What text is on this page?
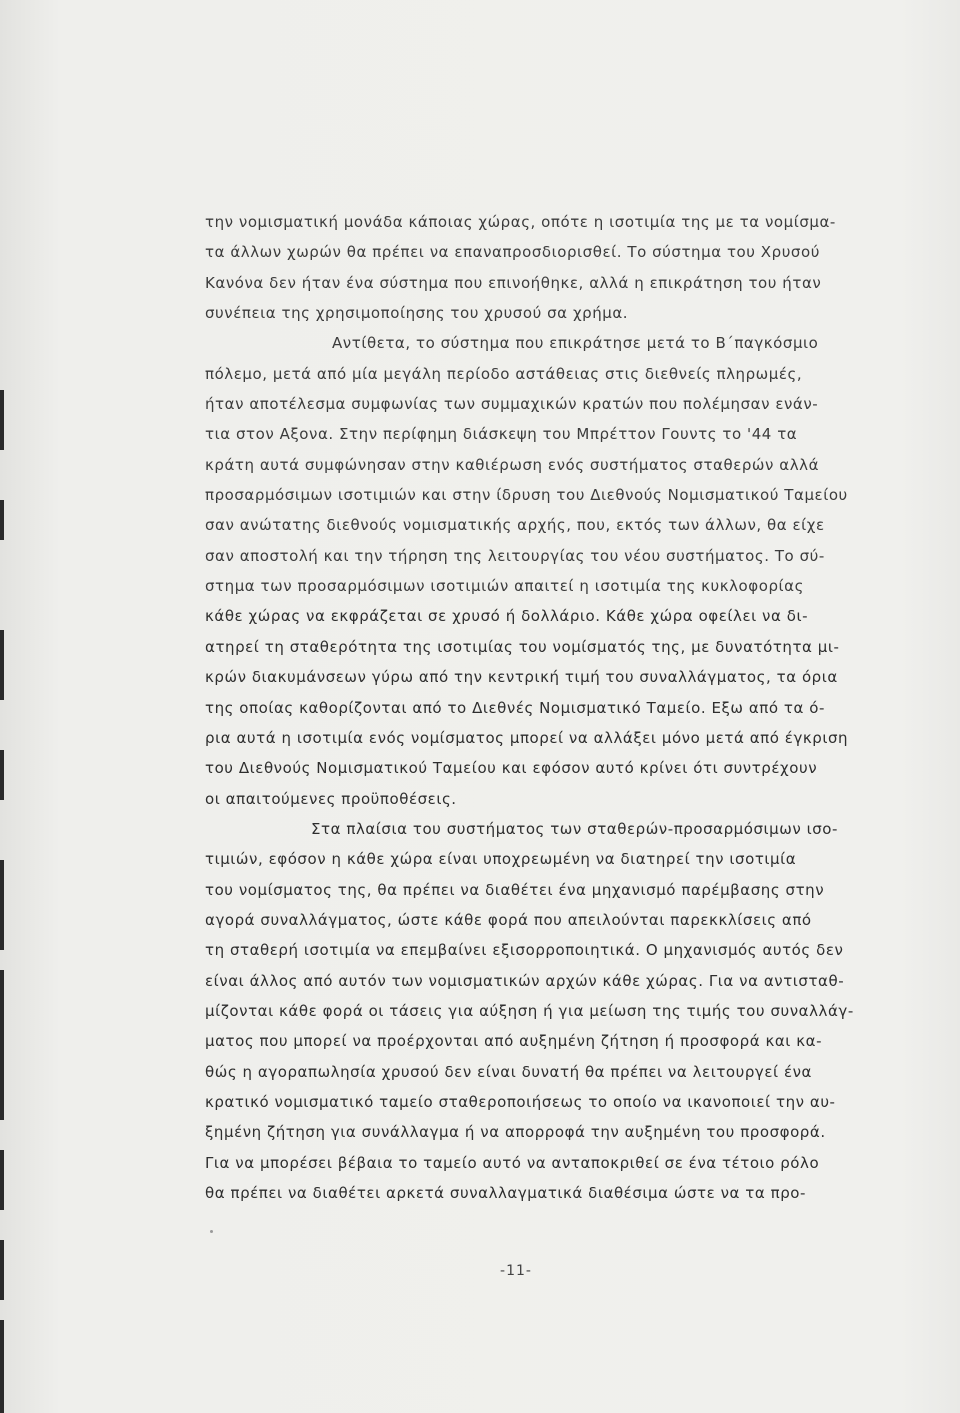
την νομισματική μονάδα κάποιας χώρας, οπότε η ισοτιμία της με τα νομίσμα-
τα άλλων χωρών θα πρέπει να επαναπροσδιορισθεί. Το σύστημα του Χρυσού
Κανόνα δεν ήταν ένα σύστημα που επινοήθηκε, αλλά η επικράτηση του ήταν
συνέπεια της χρησιμοποίησης του χρυσού σα χρήμα.
Αντίθετα, το σύστημα που επικράτησε μετά το Β΄παγκόσμιο
πόλεμο, μετά από μία μεγάλη περίοδο αστάθειας στις διεθνείς πληρωμές,
ήταν αποτέλεσμα συμφωνίας των συμμαχικών κρατών που πολέμησαν ενάν-
τια στον Αξονα. Στην περίφημη διάσκεψη του Μπρέττον Γουντς το '44 τα
κράτη αυτά συμφώνησαν στην καθιέρωση ενός συστήματος σταθερών αλλά
προσαρμόσιμων ισοτιμιών και στην ίδρυση του Διεθνούς Νομισματικού Ταμείου
σαν ανώτατης διεθνούς νομισματικής αρχής, που, εκτός των άλλων, θα είχε
σαν αποστολή και την τήρηση της λειτουργίας του νέου συστήματος. Το σύ-
στημα των προσαρμόσιμων ισοτιμιών απαιτεί η ισοτιμία της κυκλοφορίας
κάθε χώρας να εκφράζεται σε χρυσό ή δολλάριο. Κάθε χώρα οφείλει να δι-
ατηρεί τη σταθερότητα της ισοτιμίας του νομίσματός της, με δυνατότητα μι-
κρών διακυμάνσεων γύρω από την κεντρική τιμή του συναλλάγματος, τα όρια
της οποίας καθορίζονται από το Διεθνές Νομισματικό Ταμείο. Εξω από τα ό-
ρια αυτά η ισοτιμία ενός νομίσματος μπορεί να αλλάξει μόνο μετά από έγκριση
του Διεθνούς Νομισματικού Ταμείου και εφόσον αυτό κρίνει ότι συντρέχουν
οι απαιτούμενες προϋποθέσεις.
Στα πλαίσια του συστήματος των σταθερών-προσαρμόσιμων ισο-
τιμιών, εφόσον η κάθε χώρα είναι υποχρεωμένη να διατηρεί την ισοτιμία
του νομίσματος της, θα πρέπει να διαθέτει ένα μηχανισμό παρέμβασης στην
αγορά συναλλάγματος, ώστε κάθε φορά που απειλούνται παρεκκλίσεις από
τη σταθερή ισοτιμία να επεμβαίνει εξισορροποιητικά. Ο μηχανισμός αυτός δεν
είναι άλλος από αυτόν των νομισματικών αρχών κάθε χώρας. Για να αντισταθ-
μίζονται κάθε φορά οι τάσεις για αύξηση ή για μείωση της τιμής του συναλλάγ-
ματος που μπορεί να προέρχονται από αυξημένη ζήτηση ή προσφορά και κα-
θώς η αγοραπωλησία χρυσού δεν είναι δυνατή θα πρέπει να λειτουργεί ένα
κρατικό νομισματικό ταμείο σταθεροποιήσεως το οποίο να ικανοποιεί την αυ-
ξημένη ζήτηση για συνάλλαγμα ή να απορροφά την αυξημένη του προσφορά.
Για να μπορέσει βέβαια το ταμείο αυτό να ανταποκριθεί σε ένα τέτοιο ρόλο
θα πρέπει να διαθέτει αρκετά συναλλαγματικά διαθέσιμα ώστε να τα προ-
-11-
